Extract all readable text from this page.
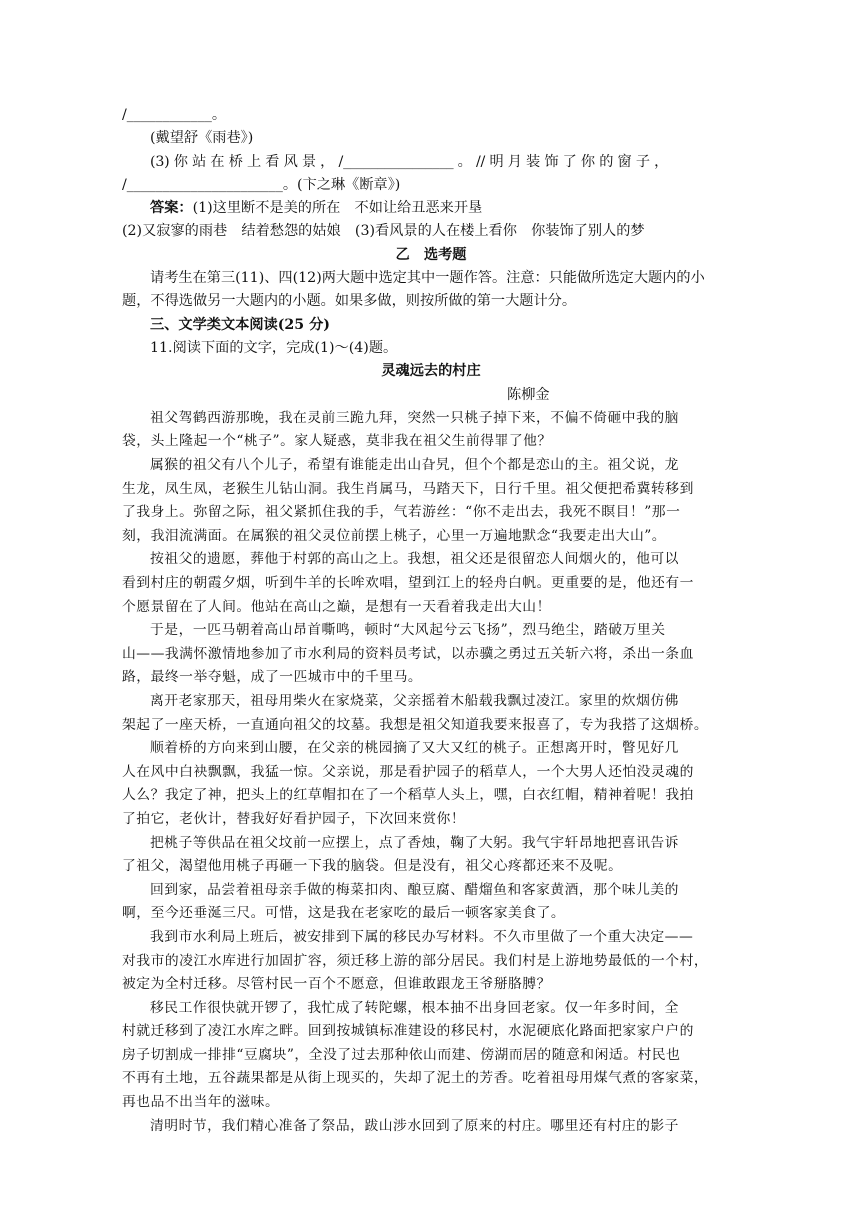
/____________。
(戴望舒《雨巷》)
(3) 你 站 在 桥 上 看 风 景 ， /________________ 。 // 明 月 装 饰 了 你 的 窗 子 ，
/______________________。(卞之琳《断章》)
答案：(1)这里断不是美的所在　不如让给丑恶来开垦
(2)又寂寥的雨巷　结着愁怨的姑娘　(3)看风景的人在楼上看你　你装饰了别人的梦
乙　选考题
请考生在第三(11)、四(12)两大题中选定其中一题作答。注意：只能做所选定大题内的小
题，不得选做另一大题内的小题。如果多做，则按所做的第一大题计分。
三、文学类文本阅读(25 分)
11.阅读下面的文字，完成(1)～(4)题。
灵魂远去的村庄
陈柳金
祖父驾鹤西游那晚，我在灵前三跪九拜，突然一只桃子掉下来，不偏不倚砸中我的脑
袋，头上隆起一个“桃子”。家人疑惑，莫非我在祖父生前得罪了他？
属猴的祖父有八个儿子，希望有谁能走出山旮旯，但个个都是恋山的主。祖父说，龙
生龙，凤生凤，老猴生儿钻山洞。我生肖属马，马踏天下，日行千里。祖父便把希冀转移到
了我身上。弥留之际，祖父紧抓住我的手，气若游丝：“你不走出去，我死不瞑目！”那一
刻，我泪流满面。在属猴的祖父灵位前摆上桃子，心里一万遍地默念“我要走出大山”。
按祖父的遗愿，葬他于村郭的高山之上。我想，祖父还是很留恋人间烟火的，他可以
看到村庄的朝霞夕烟，听到牛羊的长哞欢唱，望到江上的轻舟白帆。更重要的是，他还有一
个愿景留在了人间。他站在高山之巅，是想有一天看着我走出大山！
于是，一匹马朝着高山昂首嘶鸣，顿时“大风起兮云飞扬”，烈马绝尘，踏破万里关
山——我满怀激情地参加了市水利局的资料员考试，以赤骥之勇过五关斩六将，杀出一条血
路，最终一举夺魁，成了一匹城市中的千里马。
离开老家那天，祖母用柴火在家烧菜，父亲摇着木船载我飘过凌江。家里的炊烟仿佛
架起了一座天桥，一直通向祖父的坟墓。我想是祖父知道我要来报喜了，专为我搭了这烟桥。
顺着桥的方向来到山腰，在父亲的桃园摘了又大又红的桃子。正想离开时，瞥见好几
人在风中白袂飘飘，我猛一惊。父亲说，那是看护园子的稻草人，一个大男人还怕没灵魂的
人么？我定了神，把头上的红草帽扣在了一个稻草人头上，嘿，白衣红帽，精神着呢！我拍
了拍它，老伙计，替我好好看护园子，下次回来赏你！
把桃子等供品在祖父坟前一应摆上，点了香烛，鞠了大躬。我气宇轩昂地把喜讯告诉
了祖父，渴望他用桃子再砸一下我的脑袋。但是没有，祖父心疼都还来不及呢。
回到家，品尝着祖母亲手做的梅菜扣肉、酿豆腐、醋熘鱼和客家黄酒，那个味儿美的
啊，至今还垂涎三尺。可惜，这是我在老家吃的最后一顿客家美食了。
我到市水利局上班后，被安排到下属的移民办写材料。不久市里做了一个重大决定——
对我市的凌江水库进行加固扩容，须迁移上游的部分居民。我们村是上游地势最低的一个村，
被定为全村迁移。尽管村民一百个不愿意，但谁敢跟龙王爷掰胳膊？
移民工作很快就开锣了，我忙成了转陀螺，根本抽不出身回老家。仅一年多时间，全
村就迁移到了凌江水库之畔。回到按城镇标准建设的移民村，水泥硬底化路面把家家户户的
房子切割成一排排“豆腐块”，全没了过去那种依山而建、傍湖而居的随意和闲适。村民也
不再有土地，五谷蔬果都是从街上现买的，失却了泥土的芳香。吃着祖母用煤气煮的客家菜，
再也品不出当年的滋味。
清明时节，我们精心准备了祭品，跋山涉水回到了原来的村庄。哪里还有村庄的影子
